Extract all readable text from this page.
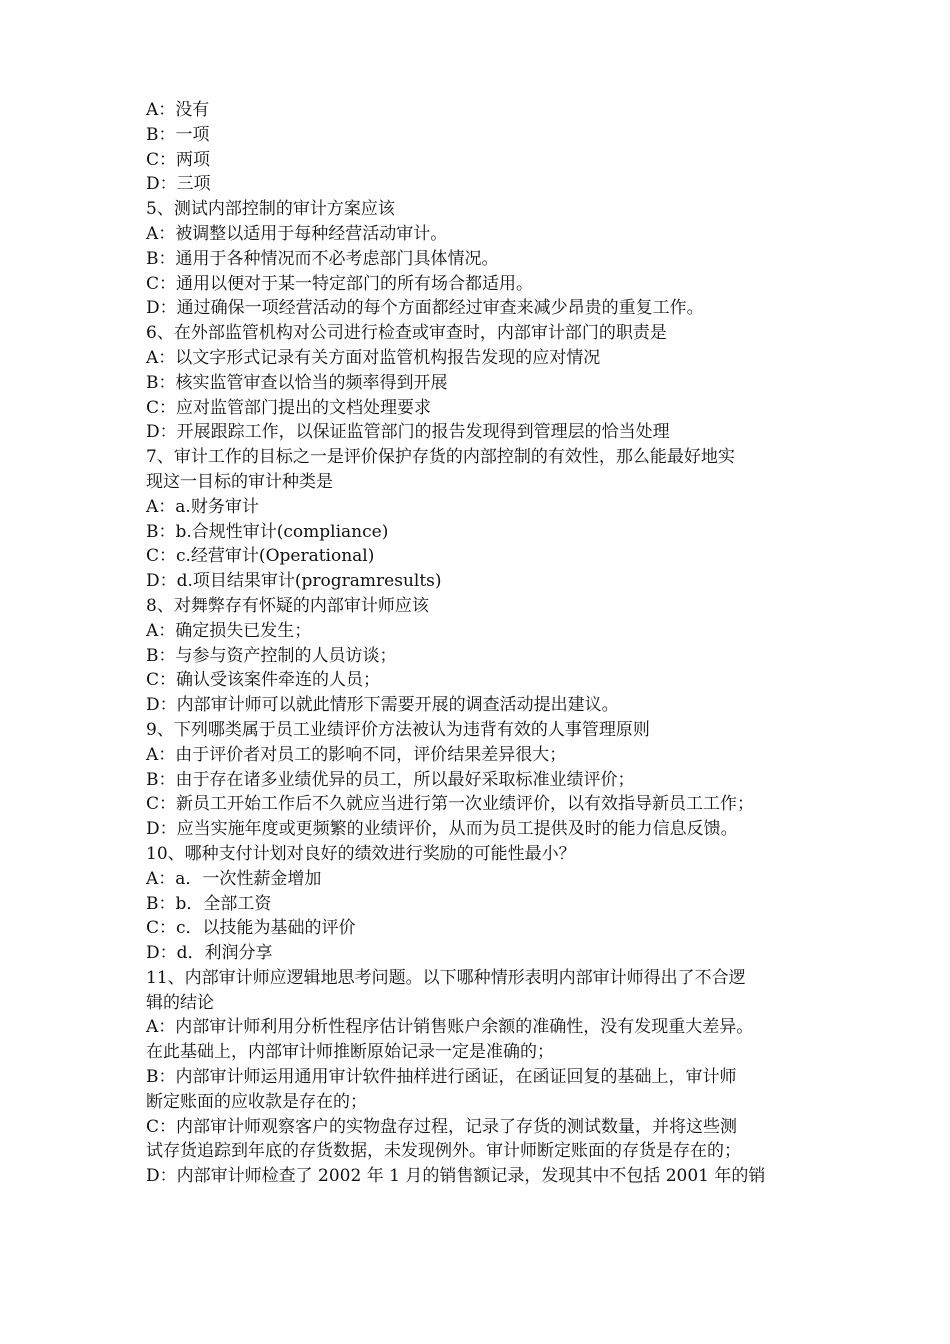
A：没有
B：一项
C：两项
D：三项
5、测试内部控制的审计方案应该
A：被调整以适用于每种经营活动审计。
B：通用于各种情况而不必考虑部门具体情况。
C：通用以便对于某一特定部门的所有场合都适用。
D：通过确保一项经营活动的每个方面都经过审查来减少昂贵的重复工作。
6、在外部监管机构对公司进行检查或审查时，内部审计部门的职责是
A：以文字形式记录有关方面对监管机构报告发现的应对情况
B：核实监管审查以恰当的频率得到开展
C：应对监管部门提出的文档处理要求
D：开展跟踪工作，以保证监管部门的报告发现得到管理层的恰当处理
7、审计工作的目标之一是评价保护存货的内部控制的有效性，那么能最好地实
现这一目标的审计种类是
A：a.财务审计
B：b.合规性审计(compliance)
C：c.经营审计(Operational)
D：d.项目结果审计(programresults)
8、对舞弊存有怀疑的内部审计师应该
A：确定损失已发生；
B：与参与资产控制的人员访谈；
C：确认受该案件牵连的人员；
D：内部审计师可以就此情形下需要开展的调查活动提出建议。
9、下列哪类属于员工业绩评价方法被认为违背有效的人事管理原则
A：由于评价者对员工的影响不同，评价结果差异很大；
B：由于存在诸多业绩优异的员工，所以最好采取标准业绩评价；
C：新员工开始工作后不久就应当进行第一次业绩评价，以有效指导新员工工作；
D：应当实施年度或更频繁的业绩评价，从而为员工提供及时的能力信息反馈。
10、哪种支付计划对良好的绩效进行奖励的可能性最小？
A：a．一次性薪金增加
B：b．全部工资
C：c．以技能为基础的评价
D：d．利润分享
11、内部审计师应逻辑地思考问题。以下哪种情形表明内部审计师得出了不合逻
辑的结论
A：内部审计师利用分析性程序估计销售账户余额的准确性，没有发现重大差异。
在此基础上，内部审计师推断原始记录一定是准确的；
B：内部审计师运用通用审计软件抽样进行函证，在函证回复的基础上，审计师
断定账面的应收款是存在的；
C：内部审计师观察客户的实物盘存过程，记录了存货的测试数量，并将这些测
试存货追踪到年底的存货数据，未发现例外。审计师断定账面的存货是存在的；
D：内部审计师检查了 2002 年 1 月的销售额记录，发现其中不包括 2001 年的销
